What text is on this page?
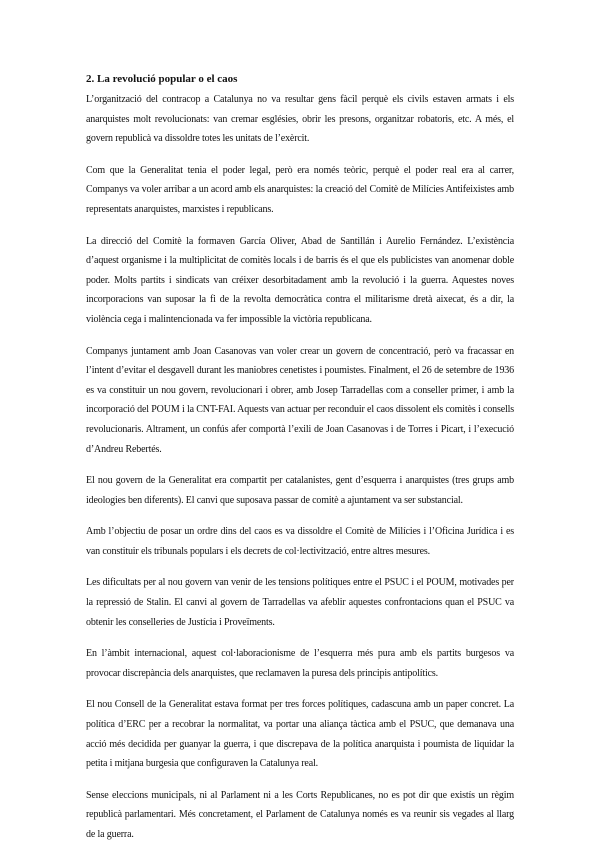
2. La revolució popular o el caos

L’organització del contracop a Catalunya no va resultar gens fàcil perquè els civils estaven armats i els anarquistes molt revolucionats: van cremar esglésies, obrir les presons, organitzar robatoris, etc. A més, el govern republicà va dissoldre totes les unitats de l’exèrcit.

Com que la Generalitat tenia el poder legal, però era només teòric, perquè el poder real era al carrer, Companys va voler arribar a un acord amb els anarquistes: la creació del Comitè de Milícies Antifeixistes amb representats anarquistes, marxistes i republicans.

La direcció del Comitè la formaven García Oliver, Abad de Santillán i Aurelio Fernández. L’existència d’aquest organisme i la multiplicitat de comitès locals i de barris és el que els publicistes van anomenar doble poder. Molts partits i sindicats van créixer desorbitadament amb la revolució i la guerra. Aquestes noves incorporacions van suposar la fi de la revolta democràtica contra el militarisme dretà aixecat, és a dir, la violència cega i malintencionada va fer impossible la victòria republicana.

Companys juntament amb Joan Casanovas van voler crear un govern de concentració, però va fracassar en l’intent d’evitar el desgavell durant les maniobres cenetistes i poumistes. Finalment, el 26 de setembre de 1936 es va constituir un nou govern, revolucionari i obrer, amb Josep Tarradellas com a conseller primer, i amb la incorporació del POUM i la CNT-FAI. Aquests van actuar per reconduir el caos dissolent els comitès i consells revolucionaris. Altrament, un confús afer comportà l’exili de Joan Casanovas i de Torres i Picart, i l’execució d’Andreu Rebertés.

El nou govern de la Generalitat era compartit per catalanistes, gent d’esquerra i anarquistes (tres grups amb ideologies ben diferents). El canvi que suposava passar de comitè a ajuntament va ser substancial.

Amb l’objectiu de posar un ordre dins del caos es va dissoldre el Comitè de Milícies i l’Oficina Jurídica i es van constituir els tribunals populars i els decrets de col·lectivització, entre altres mesures.

Les dificultats per al nou govern van venir de les tensions polítiques entre el PSUC i el POUM, motivades per la repressió de Stalin. El canvi al govern de Tarradellas va afeblir aquestes confrontacions quan el PSUC va obtenir les conselleries de Justícia i Proveïments.

En l’àmbit internacional, aquest col·laboracionisme de l’esquerra més pura amb els partits burgesos va provocar discrepància dels anarquistes, que reclamaven la puresa dels principis antipolítics.

El nou Consell de la Generalitat estava format per tres forces polítiques, cadascuna amb un paper concret. La política d’ERC per a recobrar la normalitat, va portar una aliança tàctica amb el PSUC, que demanava una acció més decidida per guanyar la guerra, i que discrepava de la política anarquista i poumista de liquidar la petita i mitjana burgesia que configuraven la Catalunya real.

Sense eleccions municipals, ni al Parlament ni a les Corts Republicanes, no es pot dir que existís un règim republicà parlamentari. Més concretament, el Parlament de Catalunya només es va reunir sis vegades al llarg de la guerra.
